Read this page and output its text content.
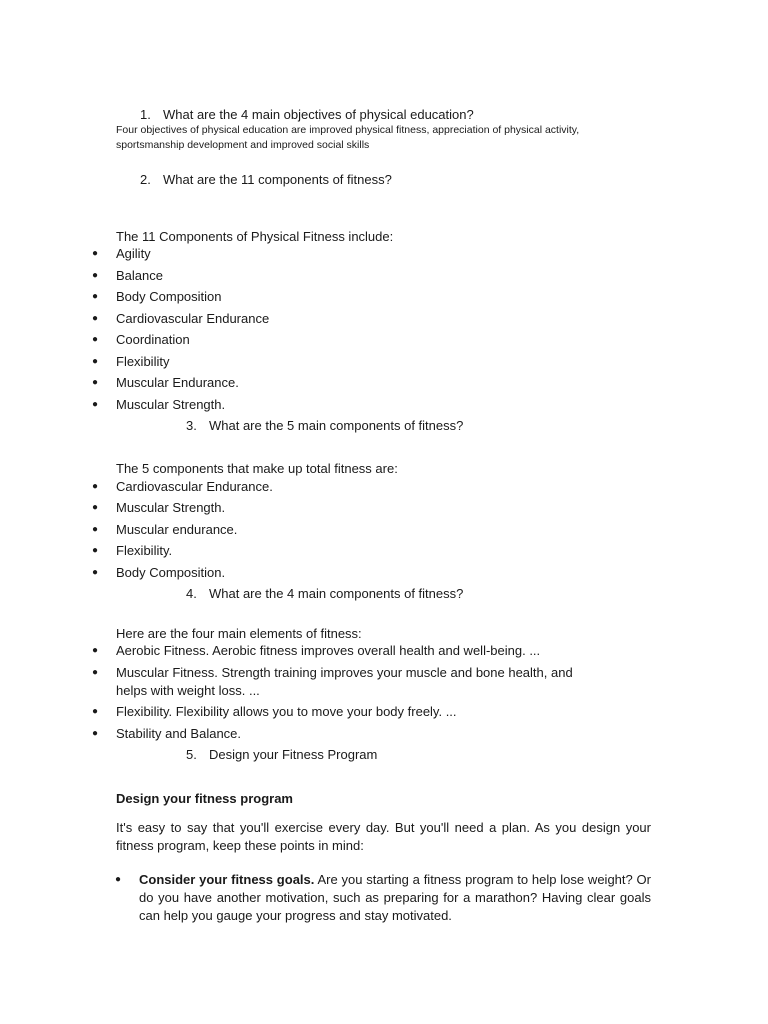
1. What are the 4 main objectives of physical education?
Four objectives of physical education are improved physical fitness, appreciation of physical activity,
sportsmanship development and improved social skills
2. What are the 11 components of fitness?
The 11 Components of Physical Fitness include:
● Agility
● Balance
● Body Composition
● Cardiovascular Endurance
● Coordination
● Flexibility
● Muscular Endurance.
● Muscular Strength.
3. What are the 5 main components of fitness?
The 5 components that make up total fitness are:
● Cardiovascular Endurance.
● Muscular Strength.
● Muscular endurance.
● Flexibility.
● Body Composition.
4. What are the 4 main components of fitness?
Here are the four main elements of fitness:
● Aerobic Fitness. Aerobic fitness improves overall health and well-being. ...
● Muscular Fitness. Strength training improves your muscle and bone health, and
helps with weight loss. ...
● Flexibility. Flexibility allows you to move your body freely. ...
● Stability and Balance.
5. Design your Fitness Program
Design your fitness program

It's easy to say that you'll exercise every day. But you'll need a plan. As you design your fitness program, keep these points in mind:

● Consider your fitness goals. Are you starting a fitness program to help lose weight? Or do you have another motivation, such as preparing for a marathon? Having clear goals can help you gauge your progress and stay motivated.
